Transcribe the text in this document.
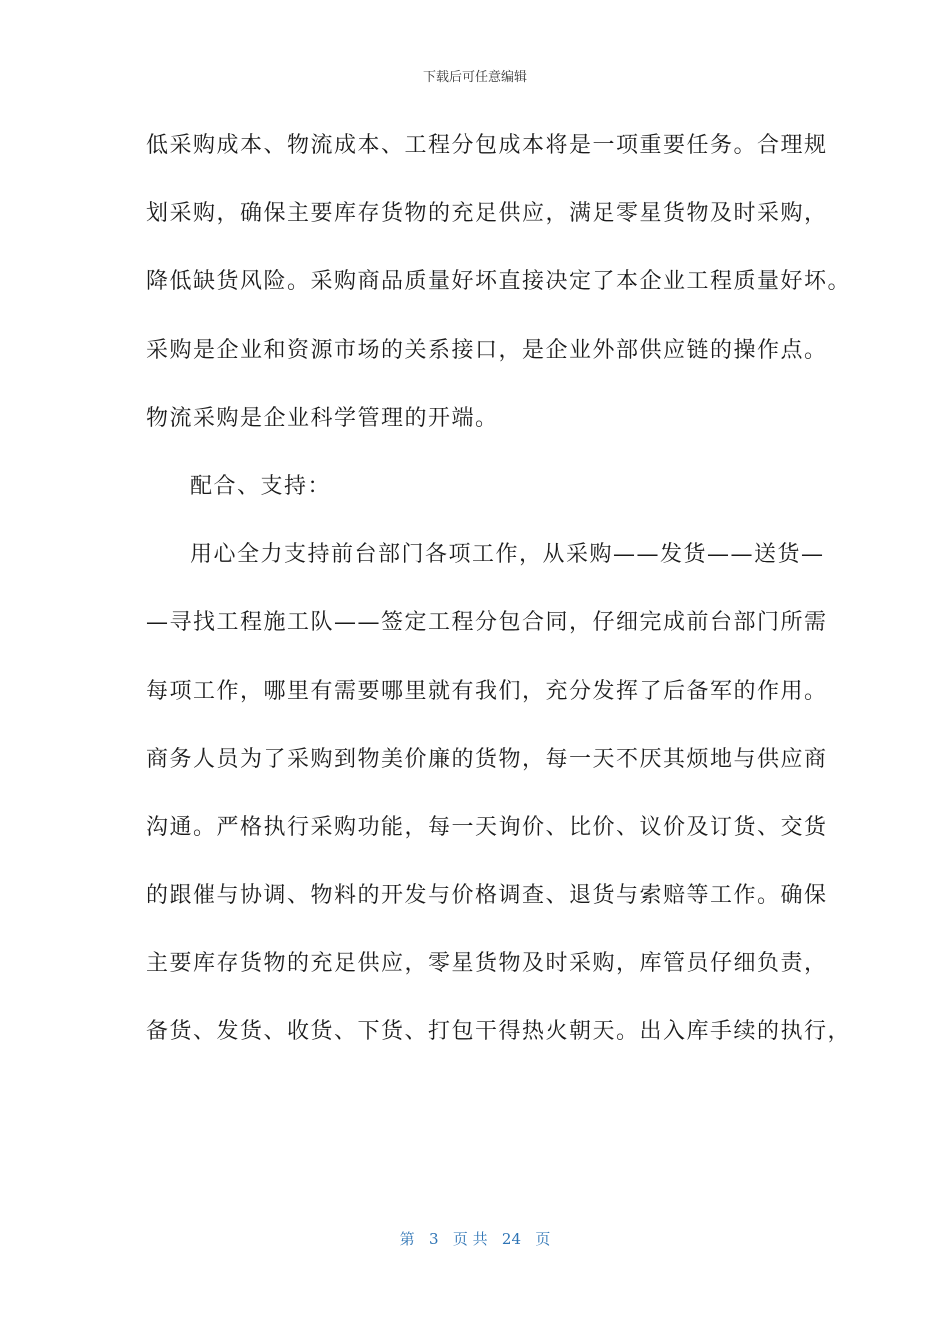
下载后可任意编辑
低采购成本、物流成本、工程分包成本将是一项重要任务。合理规
划采购，确保主要库存货物的充足供应，满足零星货物及时采购，
降低缺货风险。采购商品质量好坏直接决定了本企业工程质量好坏。
采购是企业和资源市场的关系接口，是企业外部供应链的操作点。
物流采购是企业科学管理的开端。
配合、支持：
用心全力支持前台部门各项工作，从采购——发货——送货—
—寻找工程施工队——签定工程分包合同，仔细完成前台部门所需
每项工作，哪里有需要哪里就有我们，充分发挥了后备军的作用。
商务人员为了采购到物美价廉的货物，每一天不厌其烦地与供应商
沟通。严格执行采购功能，每一天询价、比价、议价及订货、交货
的跟催与协调、物料的开发与价格调查、退货与索赔等工作。确保
主要库存货物的充足供应，零星货物及时采购，库管员仔细负责，
备货、发货、收货、下货、打包干得热火朝天。出入库手续的执行，
第 3 页 共 24 页
